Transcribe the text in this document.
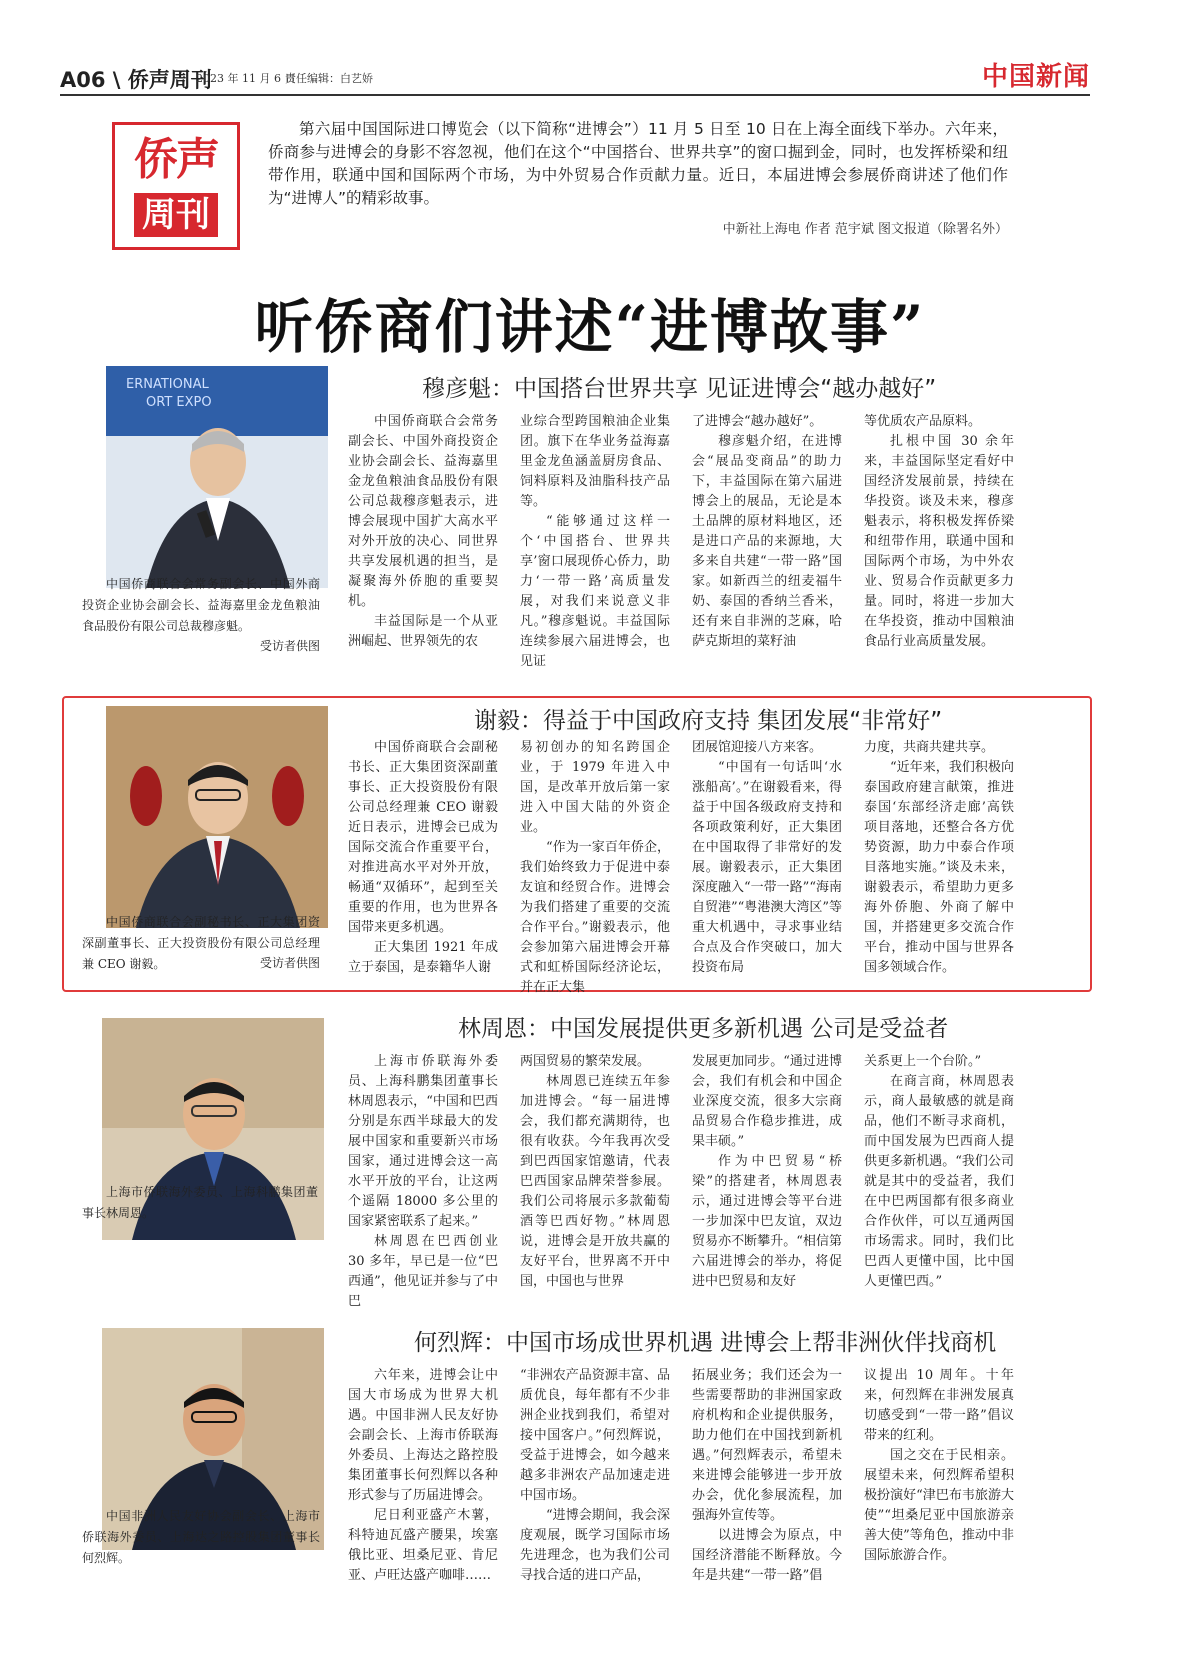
A06 \ 侨声周刊
2023 年 11 月 6 日
责任编辑：白艺娇	中国新闻
侨声
周刊
第六届中国国际进口博览会（以下简称“进博会”）11 月 5 日至 10 日在上海全面线下举办。六年来，侨商参与进博会的身影不容忽视，他们在这个“中国搭台、世界共享”的窗口掘到金，同时，也发挥桥梁和纽带作用，联通中国和国际两个市场，为中外贸易合作贡献力量。近日，本届进博会参展侨商讲述了他们作为“进博人”的精彩故事。
中新社上海电 作者 范宇斌 图文报道（除署名外）
听侨商们讲述“进博故事”
穆彦魁：中国搭台世界共享 见证进博会“越办越好”
ERNATIONAL
ORT EXPO
中国侨商联合会常务副会长、中国外商投资企业协会副会长、益海嘉里金龙鱼粮油食品股份有限公司总裁穆彦魁。
受访者供图
中国侨商联合会常务副会长、中国外商投资企业协会副会长、益海嘉里金龙鱼粮油食品股份有限公司总裁穆彦魁表示，进博会展现中国扩大高水平对外开放的决心、同世界共享发展机遇的担当，是凝聚海外侨胞的重要契机。
丰益国际是一个从亚洲崛起、世界领先的农
业综合型跨国粮油企业集团。旗下在华业务益海嘉里金龙鱼涵盖厨房食品、饲料原料及油脂科技产品等。
“能够通过这样一个‘中国搭台、世界共享’窗口展现侨心侨力，助力‘一带一路’高质量发展，对我们来说意义非凡。”穆彦魁说。丰益国际连续参展六届进博会，也见证
了进博会“越办越好”。
穆彦魁介绍，在进博会“展品变商品”的助力下，丰益国际在第六届进博会上的展品，无论是本土品牌的原材料地区，还是进口产品的来源地，大多来自共建“一带一路”国家。如新西兰的纽麦福牛奶、泰国的香纳兰香米，还有来自非洲的芝麻，哈萨克斯坦的菜籽油
等优质农产品原料。
扎根中国 30 余年来，丰益国际坚定看好中国经济发展前景，持续在华投资。谈及未来，穆彦魁表示，将积极发挥侨梁和纽带作用，联通中国和国际两个市场，为中外农业、贸易合作贡献更多力量。同时，将进一步加大在华投资，推动中国粮油食品行业高质量发展。
谢毅：得益于中国政府支持 集团发展“非常好”
中国侨商联合会副秘书长、正大集团资深副董事长、正大投资股份有限公司总经理兼 CEO 谢毅。	受访者供图
中国侨商联合会副秘书长、正大集团资深副董事长、正大投资股份有限公司总经理兼 CEO 谢毅近日表示，进博会已成为国际交流合作重要平台，对推进高水平对外开放，畅通“双循环”，起到至关重要的作用，也为世界各国带来更多机遇。
正大集团 1921 年成立于泰国，是泰籍华人谢
易初创办的知名跨国企业，于 1979 年进入中国，是改革开放后第一家进入中国大陆的外资企业。
“作为一家百年侨企，我们始终致力于促进中泰友谊和经贸合作。进博会为我们搭建了重要的交流合作平台。”谢毅表示，他会参加第六届进博会开幕式和虹桥国际经济论坛，并在正大集
团展馆迎接八方来客。
“中国有一句话叫‘水涨船高’。”在谢毅看来，得益于中国各级政府支持和各项政策利好，正大集团在中国取得了非常好的发展。谢毅表示，正大集团深度融入“一带一路”“海南自贸港”“粤港澳大湾区”等重大机遇中，寻求事业结合点及合作突破口，加大投资布局
力度，共商共建共享。
“近年来，我们积极向泰国政府建言献策，推进泰国‘东部经济走廊’高铁项目落地，还整合各方优势资源，助力中泰合作项目落地实施。”谈及未来，谢毅表示，希望助力更多海外侨胞、外商了解中国，并搭建更多交流合作平台，推动中国与世界各国多领域合作。
林周恩：中国发展提供更多新机遇 公司是受益者
上海市侨联海外委员、上海科鹏集团董事长林周恩。
上海市侨联海外委员、上海科鹏集团董事长林周恩表示，“中国和巴西分别是东西半球最大的发展中国家和重要新兴市场国家，通过进博会这一高水平开放的平台，让这两个遥隔 18000 多公里的国家紧密联系了起来。”
林周恩在巴西创业 30 多年，早已是一位“巴西通”，他见证并参与了中巴
两国贸易的繁荣发展。
林周恩已连续五年参加进博会。“每一届进博会，我们都充满期待，也很有收获。今年我再次受到巴西国家馆邀请，代表巴西国家品牌荣誉参展。我们公司将展示多款葡萄酒等巴西好物。”林周恩说，进博会是开放共赢的友好平台，世界离不开中国，中国也与世界
发展更加同步。“通过进博会，我们有机会和中国企业深度交流，很多大宗商品贸易合作稳步推进，成果丰硕。”
作为中巴贸易“桥梁”的搭建者，林周恩表示，通过进博会等平台进一步加深中巴友谊，双边贸易亦不断攀升。“相信第六届进博会的举办，将促进中巴贸易和友好
关系更上一个台阶。”
在商言商，林周恩表示，商人最敏感的就是商品，他们不断寻求商机，而中国发展为巴西商人提供更多新机遇。“我们公司就是其中的受益者，我们在中巴两国都有很多商业合作伙伴，可以互通两国市场需求。同时，我们比巴西人更懂中国，比中国人更懂巴西。”
何烈辉：中国市场成世界机遇 进博会上帮非洲伙伴找商机
中国非洲人民友好协会副会长、上海市侨联海外委员、上海达之路控股集团董事长何烈辉。
六年来，进博会让中国大市场成为世界大机遇。中国非洲人民友好协会副会长、上海市侨联海外委员、上海达之路控股集团董事长何烈辉以各种形式参与了历届进博会。
尼日利亚盛产木薯，科特迪瓦盛产腰果，埃塞俄比亚、坦桑尼亚、肯尼亚、卢旺达盛产咖啡……
“非洲农产品资源丰富、品质优良，每年都有不少非洲企业找到我们，希望对接中国客户。”何烈辉说，受益于进博会，如今越来越多非洲农产品加速走进中国市场。
“进博会期间，我会深度观展，既学习国际市场先进理念，也为我们公司寻找合适的进口产品，
拓展业务；我们还会为一些需要帮助的非洲国家政府机构和企业提供服务，助力他们在中国找到新机遇。”何烈辉表示，希望未来进博会能够进一步开放办会，优化参展流程，加强海外宣传等。
以进博会为原点，中国经济潜能不断释放。今年是共建“一带一路”倡
议提出 10 周年。十年来，何烈辉在非洲发展真切感受到“一带一路”倡议带来的红利。
国之交在于民相亲。展望未来，何烈辉希望积极扮演好“津巴布韦旅游大使”“坦桑尼亚中国旅游亲善大使”等角色，推动中非国际旅游合作。
